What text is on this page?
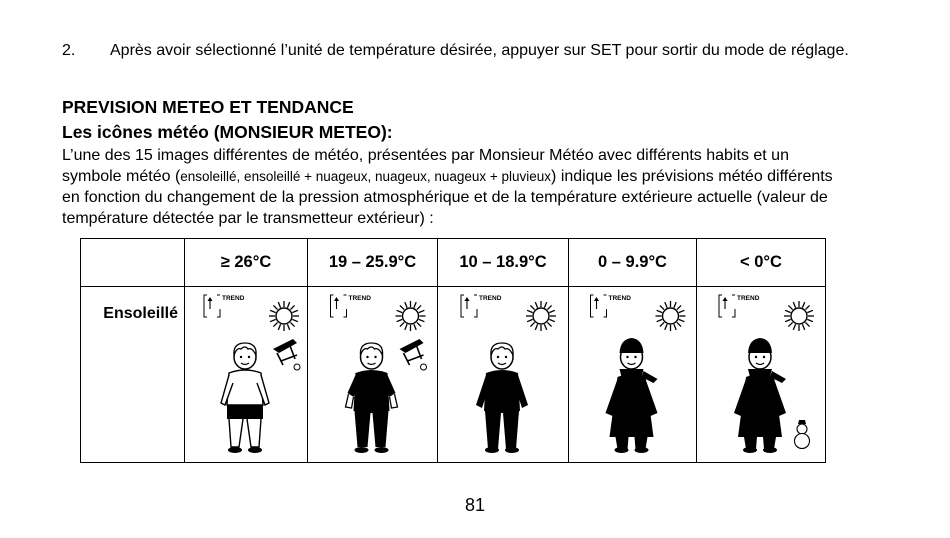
2. Après avoir sélectionné l’unité de température désirée, appuyer sur SET pour sortir du mode de réglage.
PREVISION METEO ET TENDANCE
Les icônes météo (MONSIEUR METEO):
L’une des 15 images différentes de météo, présentées par Monsieur Météo avec différents habits et un symbole météo (ensoleillé, ensoleillé + nuageux, nuageux, nuageux + pluvieux) indique les prévisions météo différents en fonction du changement de la pression atmosphérique et de la température extérieure actuelle (valeur de température détectée par le transmetteur extérieur) :
	≥ 26°C	19 – 25.9°C	10 – 18.9°C	0 – 9.9°C	< 0°C
Ensoleillé	TREND	TREND	TREND	TREND	TREND
81
